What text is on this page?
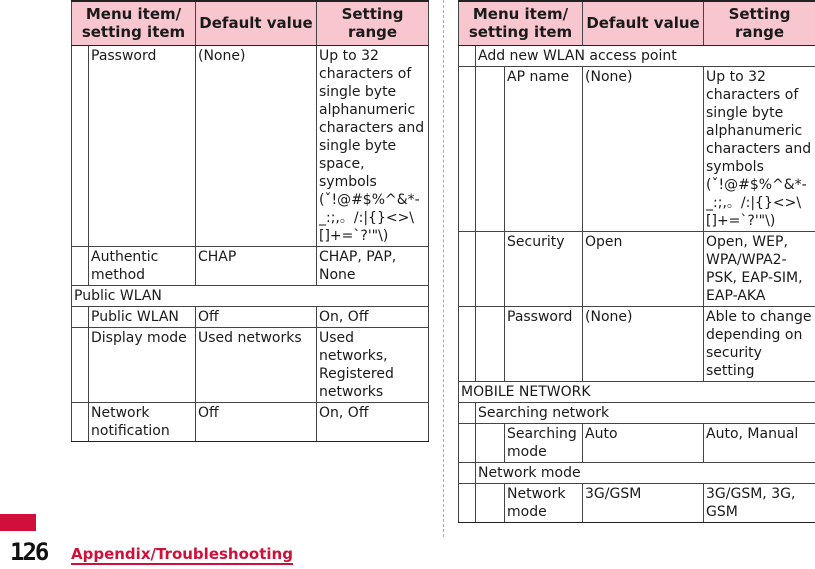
Menu item/ setting item		Default value	Setting range
	Password	(None)	Up to 32 characters of single byte alphanumeric characters and single byte space, symbols (ˇ!@#$%^&*-_:;,。/:|{}<>\[]+=`?'"\)
	Authentic method	CHAP	CHAP, PAP, None
Public WLAN			
	Public WLAN	Off	On, Off
	Display mode	Used networks	Used networks, Registered networks
	Network notification	Off	On, Off
Menu item/ setting item			Default value	Setting range
	Add new WLAN access point			
		AP name	(None)	Up to 32 characters of single byte alphanumeric characters and symbols (ˇ!@#$%^&*-_:;,。/:|{}<>\[]+=`?'"\)
		Security	Open	Open, WEP, WPA/WPA2-PSK, EAP-SIM, EAP-AKA
		Password	(None)	Able to change depending on security setting
MOBILE NETWORK				
	Searching network			
		Searching mode	Auto	Auto, Manual
	Network mode			
		Network mode	3G/GSM	3G/GSM, 3G, GSM
126 Appendix/Troubleshooting
